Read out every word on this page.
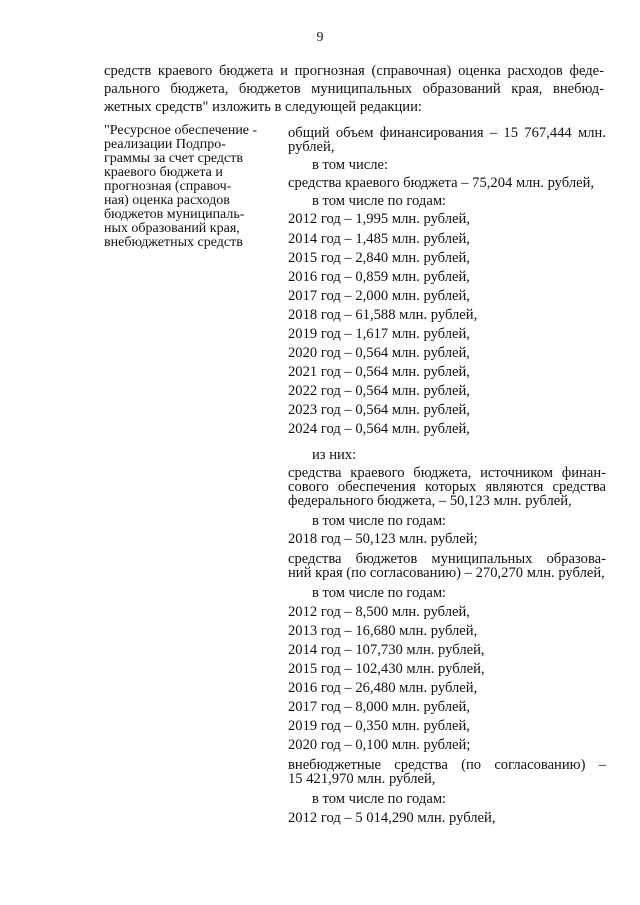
9

средств краевого бюджета и прогнозная (справочная) оценка расходов феде-

рального бюджета, бюджетов муниципальных образований края, внебюд-

жетных средств" изложить в следующей редакции:

"Ресурсное обеспечение -
реализации Подпро-
граммы за счет средств
краевого бюджета и
прогнозная (справоч-
ная) оценка расходов
бюджетов муниципаль-
ных образований края,
внебюджетных средств
общий объем финансирования – 15 767,444 млн.
рублей,
в том числе:
средства краевого бюджета – 75,204 млн. рублей,
в том числе по годам:
2012 год – 1,995 млн. рублей,
2014 год – 1,485 млн. рублей,
2015 год – 2,840 млн. рублей,
2016 год – 0,859 млн. рублей,
2017 год – 2,000 млн. рублей,
2018 год – 61,588 млн. рублей,
2019 год – 1,617 млн. рублей,
2020 год – 0,564 млн. рублей,
2021 год – 0,564 млн. рублей,
2022 год – 0,564 млн. рублей,
2023 год – 0,564 млн. рублей,
2024 год – 0,564 млн. рублей,
из них:
средства краевого бюджета, источником финан-
сового обеспечения которых являются средства
федерального бюджета, – 50,123 млн. рублей,
в том числе по годам:
2018 год – 50,123 млн. рублей;
средства бюджетов муниципальных образова-
ний края (по согласованию) – 270,270 млн. рублей,
в том числе по годам:
2012 год – 8,500 млн. рублей,
2013 год – 16,680 млн. рублей,
2014 год – 107,730 млн. рублей,
2015 год – 102,430 млн. рублей,
2016 год – 26,480 млн. рублей,
2017 год – 8,000 млн. рублей,
2019 год – 0,350 млн. рублей,
2020 год – 0,100 млн. рублей;
внебюджетные средства (по согласованию) –
15 421,970 млн. рублей,
в том числе по годам:
2012 год – 5 014,290 млн. рублей,
